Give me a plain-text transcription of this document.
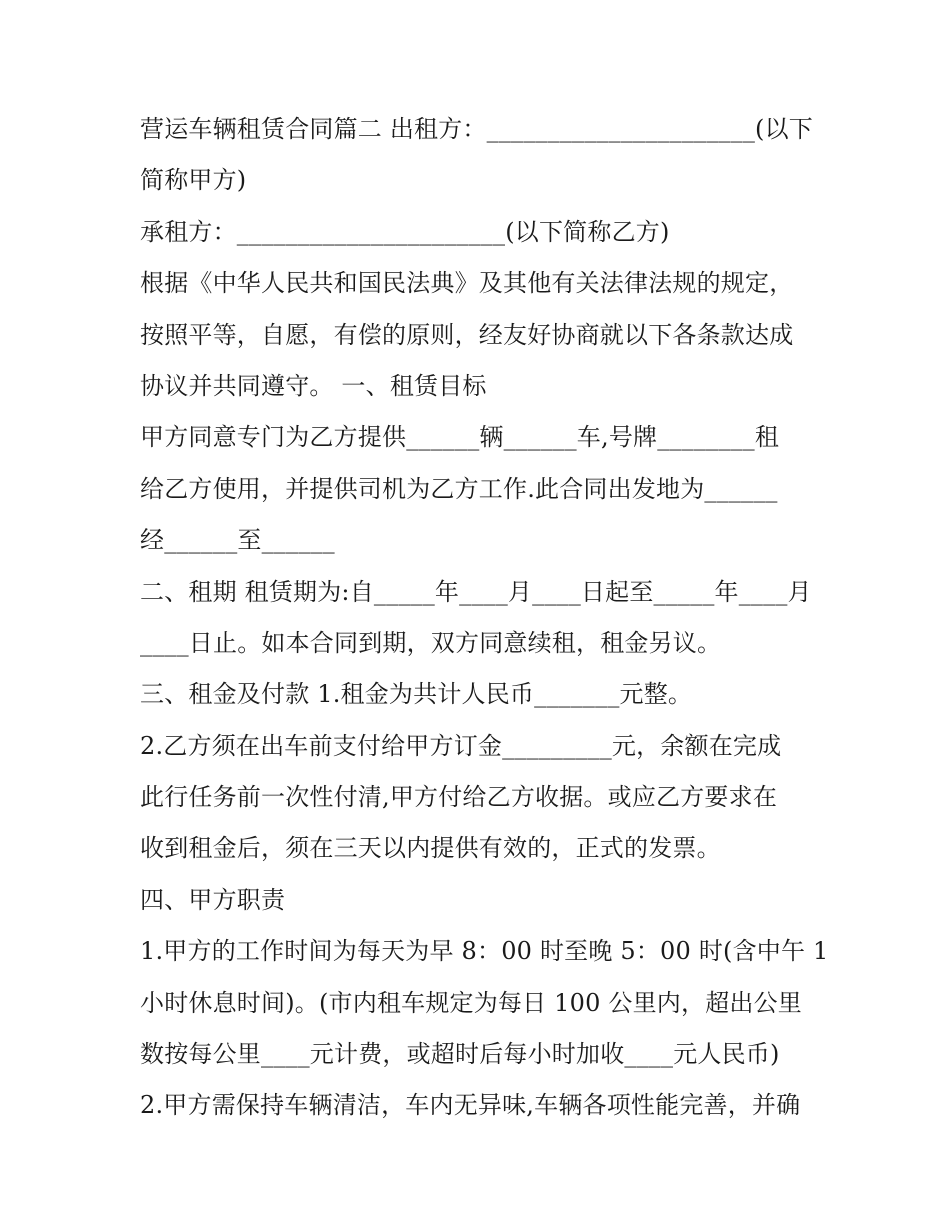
营运车辆租赁合同篇二 出租方：______________________(以下
简称甲方)
承租方：______________________(以下简称乙方)
根据《中华人民共和国民法典》及其他有关法律法规的规定，
按照平等，自愿，有偿的原则，经友好协商就以下各条款达成
协议并共同遵守。 一、租赁目标
甲方同意专门为乙方提供______辆______车,号牌________租
给乙方使用，并提供司机为乙方工作.此合同出发地为______
经______至______
二、租期 租赁期为:自_____年____月____日起至_____年____月
____日止。如本合同到期，双方同意续租，租金另议。
三、租金及付款 1.租金为共计人民币_______元整。
2.乙方须在出车前支付给甲方订金_________元，余额在完成
此行任务前一次性付清,甲方付给乙方收据。或应乙方要求在
收到租金后，须在三天以内提供有效的，正式的发票。
四、甲方职责
1.甲方的工作时间为每天为早 8：00 时至晚 5：00 时(含中午 1
小时休息时间)。(市内租车规定为每日 100 公里内，超出公里
数按每公里____元计费，或超时后每小时加收____元人民币)
2.甲方需保持车辆清洁，车内无异味,车辆各项性能完善，并确
